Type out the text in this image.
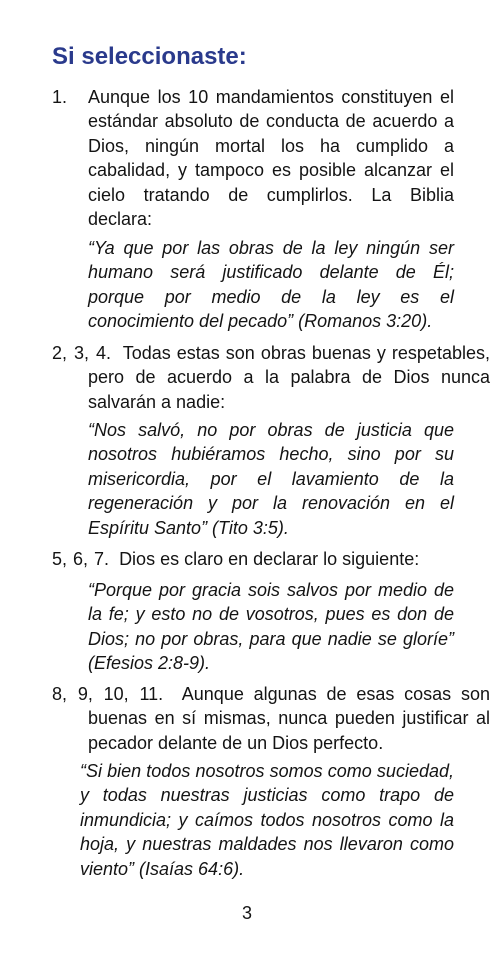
Si seleccionaste:
1.	Aunque los 10 mandamientos constituyen el estándar absoluto de conducta de acuerdo a Dios, ningún mortal los ha cumplido a cabalidad, y tampoco es posible alcanzar el cielo tratando de cumplirlos. La Biblia declara:

“Ya que por las obras de la ley ningún ser humano será justificado delante de Él; porque por medio de la ley es el conocimiento del pecado” (Romanos 3:20).

2, 3, 4. Todas estas son obras buenas y respetables, pero de acuerdo a la palabra de Dios nunca salvarán a nadie:

“Nos salvó, no por obras de justicia que nosotros hubiéramos hecho, sino por su misericordia, por el lavamiento de la regeneración y por la renovación en el Espíritu Santo” (Tito 3:5).

5, 6, 7. Dios es claro en declarar lo siguiente:

“Porque por gracia sois salvos por medio de la fe; y esto no de vosotros, pues es don de Dios; no por obras, para que nadie se gloríe” (Efesios 2:8-9).

8, 9, 10, 11. Aunque algunas de esas cosas son buenas en sí mismas, nunca pueden justificar al pecador delante de un Dios perfecto.

“Si bien todos nosotros somos como suciedad, y todas nuestras justicias como trapo de inmundicia; y caímos todos nosotros como la hoja, y nuestras maldades nos llevaron como viento” (Isaías 64:6).

3
